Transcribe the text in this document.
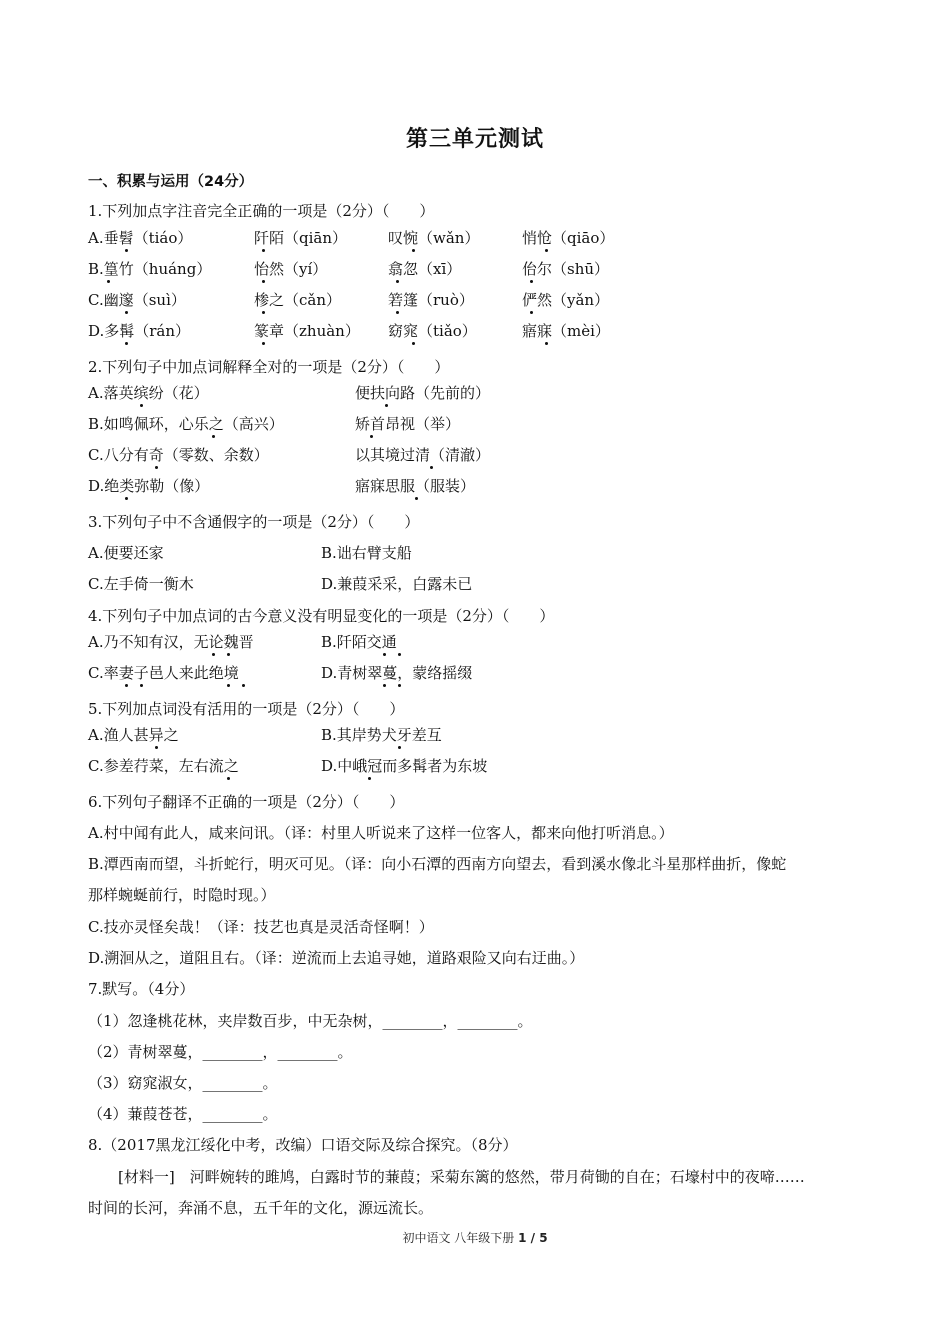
第三单元测试
一、积累与运用（24分）
1.下列加点字注音完全正确的一项是（2分）（　　）
A.垂髫（tiáo）	阡陌（qiān）	叹惋（wǎn）	悄怆（qiāo）
B.篁竹（huáng）	怡然（yí）	翕忽（xī）	佁尔（shū）
C.幽邃（suì）	椮之（cǎn）	箬篷（ruò）	俨然（yǎn）
D.多髯（rán）	篆章（zhuàn） 窈窕（tiǎo）	寤寐（mèi）
2.下列句子中加点词解释全对的一项是（2分）（　　）
A.落英缤纷（花）	便扶向路（先前的）
B.如鸣佩环，心乐之（高兴）	矫首昂视（举）
C.八分有奇（零数、余数）	以其境过清（清澈）
D.绝类弥勒（像）	寤寐思服（服装）
3.下列句子中不含通假字的一项是（2分）（　　）
A.便要还家	B.诎右臂支船
C.左手倚一衡木	D.兼葭采采，白露未已
4.下列句子中加点词的古今意义没有明显变化的一项是（2分）（　　）
A.乃不知有汉，无论魏晋	B.阡陌交通
C.率妻子邑人来此绝境	D.青树翠蔓，蒙络摇缀
5.下列加点词没有活用的一项是（2分）（　　）
A.渔人甚异之	B.其岸势犬牙差互
C.参差荇菜，左右流之	D.中峨冠而多髯者为东坡
6.下列句子翻译不正确的一项是（2分）（　　）
A.村中闻有此人，咸来问讯。（译：村里人听说来了这样一位客人，都来向他打听消息。）
B.潭西南而望，斗折蛇行，明灭可见。（译：向小石潭的西南方向望去，看到溪水像北斗星那样曲折，像蛇
那样蜿蜒前行，时隐时现。）
C.技亦灵怪矣哉！（译：技艺也真是灵活奇怪啊！）
D.溯洄从之，道阻且右。（译：逆流而上去追寻她，道路艰险又向右迂曲。）
7.默写。（4分）
（1）忽逢桃花林，夹岸数百步，中无杂树，________，________。
（2）青树翠蔓，________，________。
（3）窈窕淑女，________。
（4）蒹葭苍苍，________。
8.（2017黑龙江绥化中考，改编）口语交际及综合探究。（8分）
[材料一]　河畔婉转的雎鸠，白露时节的蒹葭；采菊东篱的悠然，带月荷锄的自在；石壕村中的夜啼……
时间的长河，奔涌不息，五千年的文化，源远流长。
初中语文 八年级下册 1 / 5
